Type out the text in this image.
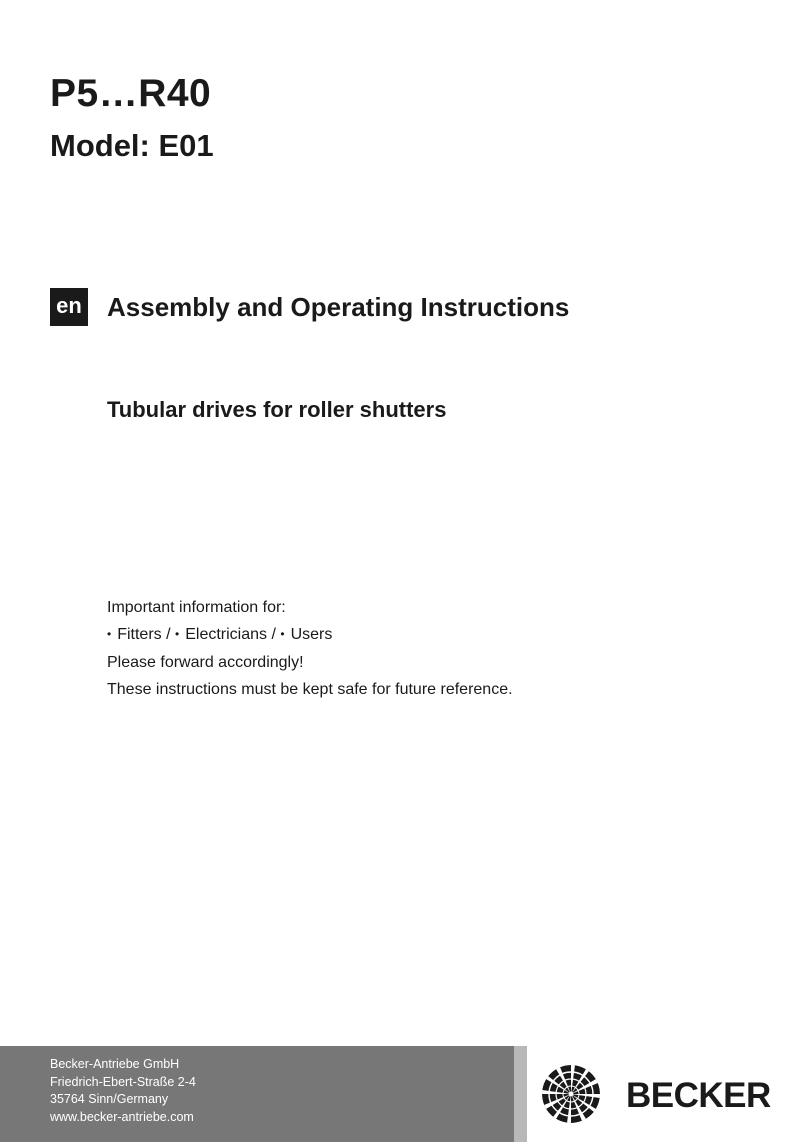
P5…R40
Model: E01
en Assembly and Operating Instructions
Tubular drives for roller shutters
Important information for:
• Fitters / • Electricians / • Users
Please forward accordingly!
These instructions must be kept safe for future reference.
Becker-Antriebe GmbH
Friedrich-Ebert-Straße 2-4
35764 Sinn/Germany
www.becker-antriebe.com
BECKER
